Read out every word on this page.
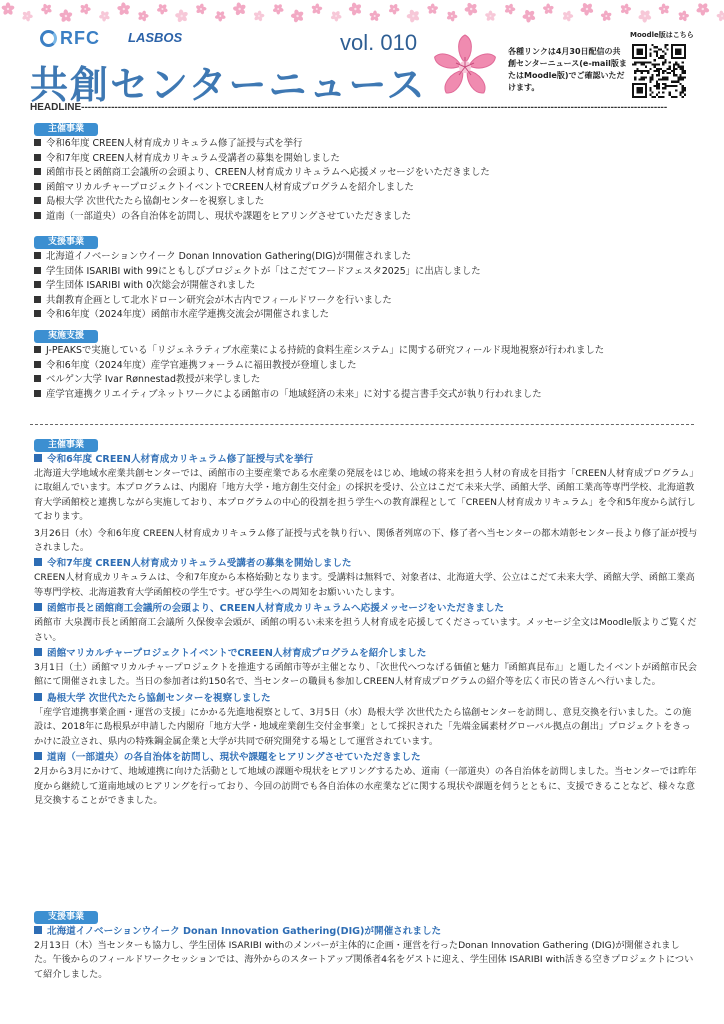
RFC LASBOS	vol. 010
共創センターニュース
各種リンクは4月30日配信の共創センターニュース(e-mail版またはMoodle版)でご確認いただけます。
Moodle版はこちら
HEADLINE--------------------------------------------------------------------------------------------------------------------------------------------------------------------------------
主催事業
令和6年度 CREEN人材育成カリキュラム修了証授与式を挙行
令和7年度 CREEN人材育成カリキュラム受講者の募集を開始しました
函館市長と函館商工会議所の会頭より、CREEN人材育成カリキュラムへ応援メッセージをいただきました
函館マリカルチャープロジェクトイベントでCREEN人材育成プログラムを紹介しました
島根大学 次世代たたら協創センターを視察しました
道南（一部道央）の各自治体を訪問し、現状や課題をヒアリングさせていただきました
支援事業
北海道イノベーションウイーク Donan Innovation Gathering(DIG)が開催されました
学生団体 ISARIBI with 99にともしびプロジェクトが「はこだてフードフェスタ2025」に出店しました
学生団体 ISARIBI with 0次総会が開催されました
共創教育企画として北水ドローン研究会が木古内でフィールドワークを行いました
令和6年度（2024年度）函館市水産学連携交流会が開催されました
実施支援
J-PEAKSで実施している「リジェネラティブ水産業による持続的食料生産システム」に関する研究フィールド現地視察が行われました
令和6年度（2024年度）産学官連携フォーラムに福田教授が登壇しました
ベルゲン大学 Ivar Rønnestad教授が来学しました
産学官連携クリエイティブネットワークによる函館市の「地域経済の未来」に対する提言書手交式が執り行われました
主催事業
令和6年度 CREEN人材育成カリキュラム修了証授与式を挙行
北海道大学地域水産業共創センターでは、函館市の主要産業である水産業の発展をはじめ、地域の将来を担う人材の育成を目指す「CREEN人材育成プログラム」に取組んでいます。本プログラムは、内閣府「地方大学・地方創生交付金」の採択を受け、公立はこだて未来大学、函館大学、函館工業高等専門学校、北海道教育大学函館校と連携しながら実施しており、本プログラムの中心的役割を担う学生への教育課程として「CREEN人材育成カリキュラム」を令和5年度から試行しております。
3月26日（水）令和6年度 CREEN人材育成カリキュラム修了証授与式を執り行い、関係者列席の下、修了者へ当センターの都木靖彰センター長より修了証が授与されました。
令和7年度 CREEN人材育成カリキュラム受講者の募集を開始しました
CREEN人材育成カリキュラムは、令和7年度から本格始動となります。受講料は無料で、対象者は、北海道大学、公立はこだて未来大学、函館大学、函館工業高等専門学校、北海道教育大学函館校の学生です。ぜひ学生への周知をお願いいたします。
函館市長と函館商工会議所の会頭より、CREEN人材育成カリキュラムへ応援メッセージをいただきました
函館市 大泉潤市長と函館商工会議所 久保俊幸会頭が、函館の明るい未来を担う人材育成を応援してくださっています。メッセージ全文はMoodle版よりご覧ください。
函館マリカルチャープロジェクトイベントでCREEN人材育成プログラムを紹介しました
3月1日（土）函館マリカルチャープロジェクトを推進する函館市等が主催となり、「次世代へつなげる価値と魅力『函館真昆布』」と題したイベントが函館市民会館にて開催されました。当日の参加者は約150名で、当センターの職員も参加しCREEN人材育成プログラムの紹介等を広く市民の皆さんへ行いました。
島根大学 次世代たたら協創センターを視察しました
「産学官連携事業企画・運営の支援」にかかる先進地視察として、3月5日（水）島根大学 次世代たたら協創センターを訪問し、意見交換を行いました。この施設は、2018年に島根県が申請した内閣府「地方大学・地域産業創生交付金事業」として採択された「先端金属素材グローバル拠点の創出」プロジェクトをきっかけに設立され、県内の特殊鋼金属企業と大学が共同で研究開発する場として運営されています。
道南（一部道央）の各自治体を訪問し、現状や課題をヒアリングさせていただきました
2月から3月にかけて、地域連携に向けた活動として地域の課題や現状をヒアリングするため、道南（一部道央）の各自治体を訪問しました。当センターでは昨年度から継続して道南地域のヒアリングを行っており、今回の訪問でも各自治体の水産業などに関する現状や課題を伺うとともに、支援できることなど、様々な意見交換することができました。
支援事業
北海道イノベーションウイーク Donan Innovation Gathering(DIG)が開催されました
2月13日（木）当センターも協力し、学生団体 ISARIBI withのメンバーが主体的に企画・運営を行ったDonan Innovation Gathering (DIG)が開催されました。午後からのフィールドワークセッションでは、海外からのスタートアップ関係者4名をゲストに迎え、学生団体 ISARIBI with活きる空きプロジェクトについて紹介しました。
